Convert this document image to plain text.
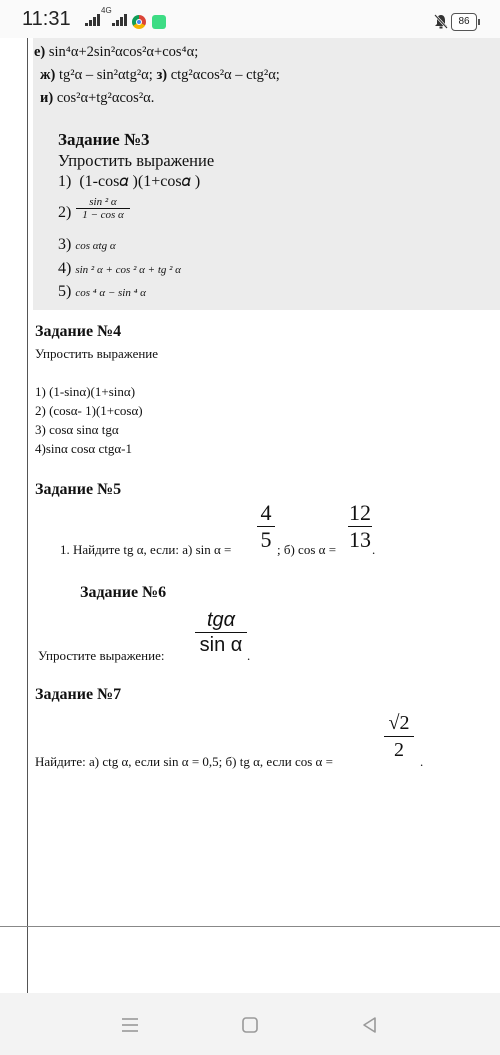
11:31	4G
86
е) sin⁴α+2sin²αcos²α+cos⁴α;
ж) tg²α – sin²αtg²α; з) ctg²αcos²α – ctg²α;
и) cos²α+tg²αcos²α.
Задание №3
Упростить выражение
1) (1-cos𝛼 )(1+cos𝛼 )
2)
sin ² α
1 − cos α
3) cos αtg α
4) sin ² α + cos ² α + tg ² α
5) cos ⁴ α − sin ⁴ α
Задание №4
Упростить выражение
1) (1-sinα)(1+sinα)
2) (cosα- 1)(1+cosα)
3) cosα sinα tgα
4)sinα cosα ctgα-1
Задание №5
1. Найдите tg α, если: а) sin α =
4
5 ; б) cos α =
12
13 .
Задание №6
Упростите выражение:
tgα
sin α .
Задание №7
Найдите: а) ctg α, если sin α = 0,5; б) tg α, если cos α =
√2
2
.
